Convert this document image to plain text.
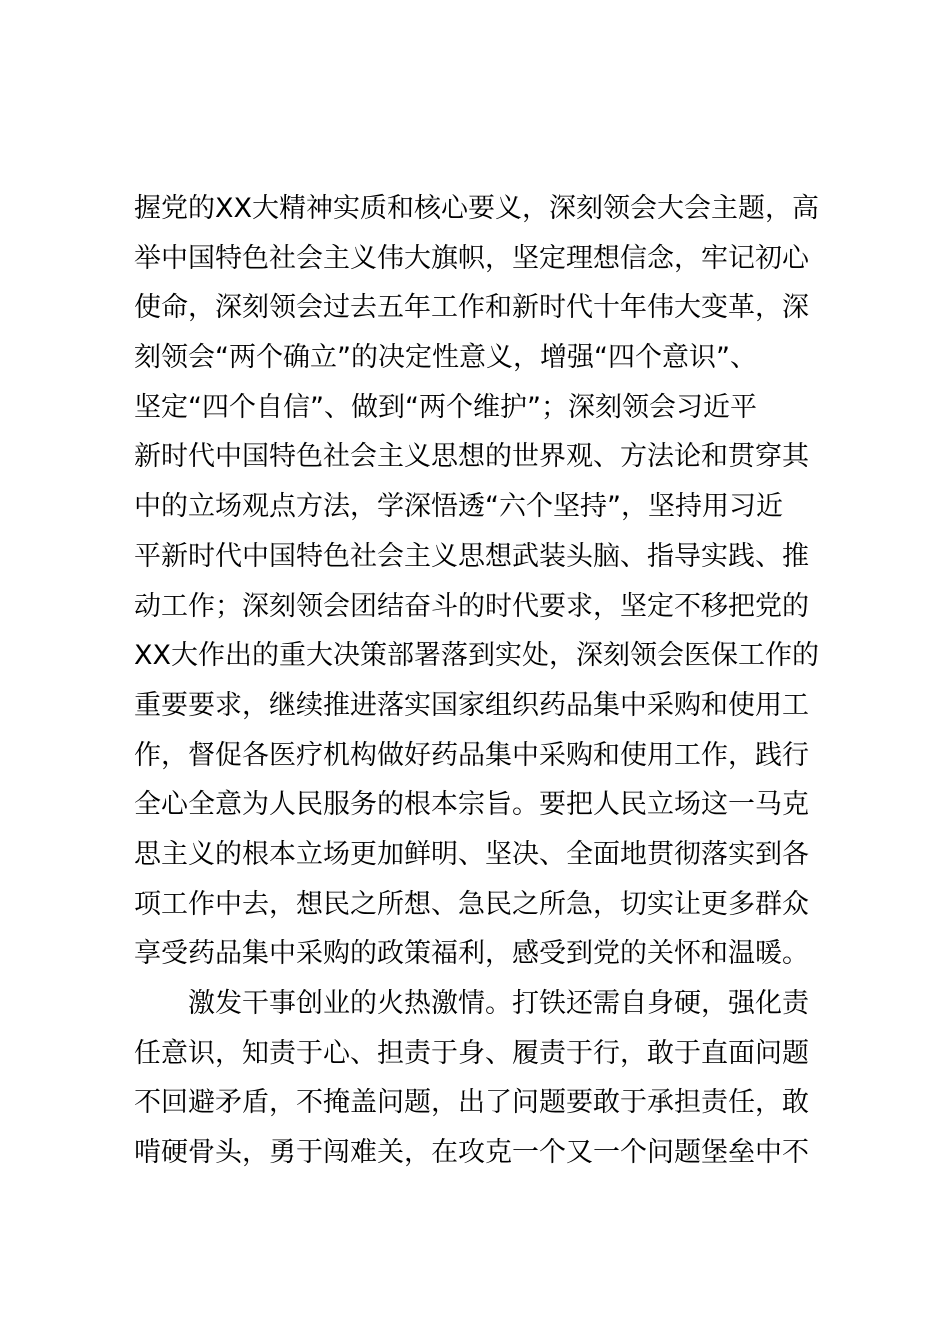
握党的XX大精神实质和核心要义，深刻领会大会主题，高
举中国特色社会主义伟大旗帜，坚定理想信念，牢记初心
使命，深刻领会过去五年工作和新时代十年伟大变革，深
刻领会“两个确立”的决定性意义，增强“四个意识”、
坚定“四个自信”、做到“两个维护”；深刻领会习近平
新时代中国特色社会主义思想的世界观、方法论和贯穿其
中的立场观点方法，学深悟透“六个坚持”，坚持用习近
平新时代中国特色社会主义思想武装头脑、指导实践、推
动工作；深刻领会团结奋斗的时代要求，坚定不移把党的
XX大作出的重大决策部署落到实处，深刻领会医保工作的
重要要求，继续推进落实国家组织药品集中采购和使用工
作，督促各医疗机构做好药品集中采购和使用工作，践行
全心全意为人民服务的根本宗旨。要把人民立场这一马克
思主义的根本立场更加鲜明、坚决、全面地贯彻落实到各
项工作中去，想民之所想、急民之所急，切实让更多群众
享受药品集中采购的政策福利，感受到党的关怀和温暖。
激发干事创业的火热激情。打铁还需自身硬，强化责
任意识，知责于心、担责于身、履责于行，敢于直面问题
不回避矛盾，不掩盖问题，出了问题要敢于承担责任，敢
啃硬骨头，勇于闯难关，在攻克一个又一个问题堡垒中不
